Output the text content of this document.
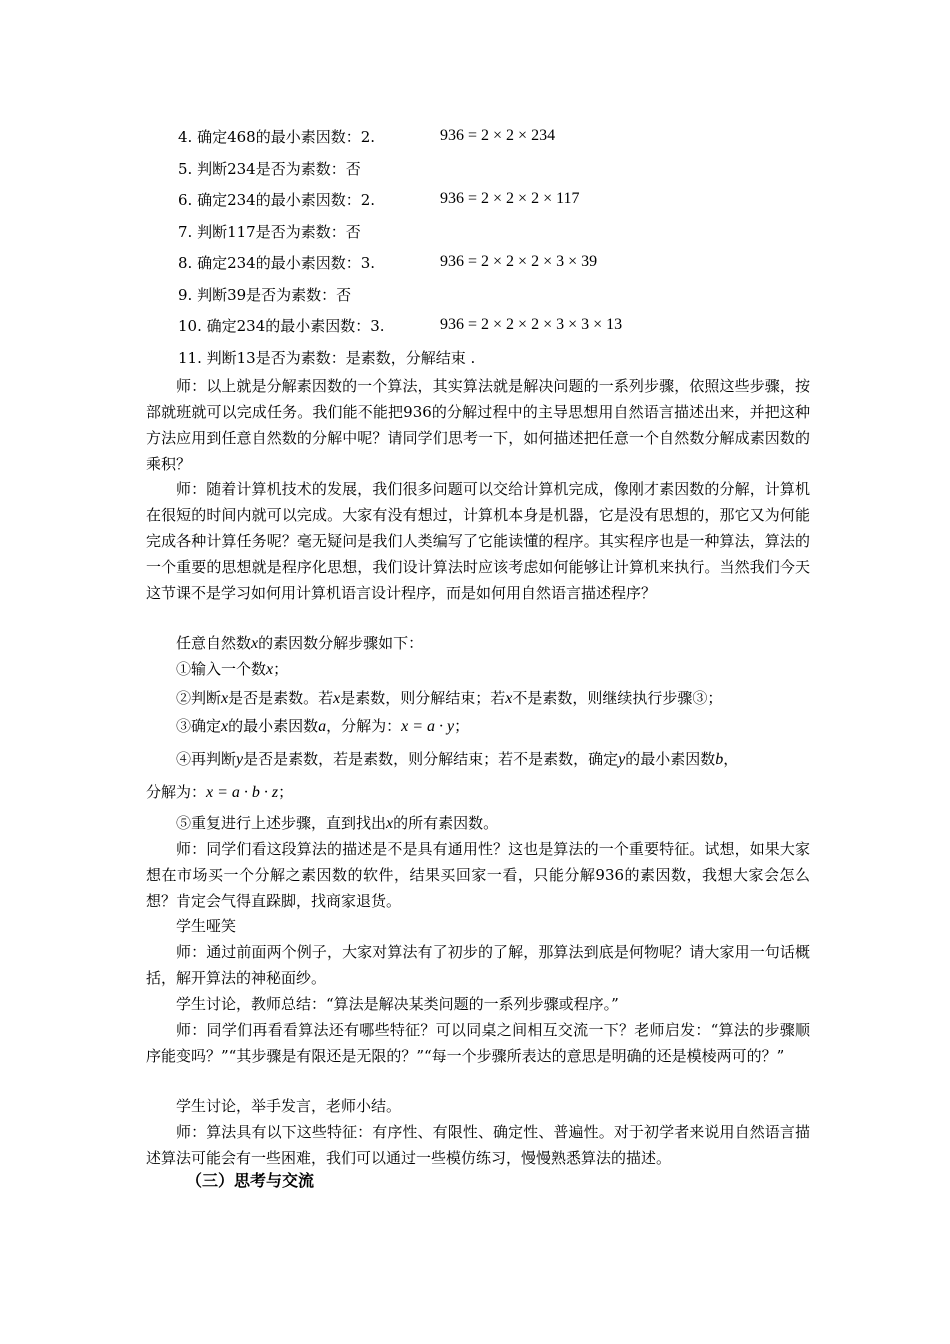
4. 确定468的最小素因数：2.	936 = 2 × 2 × 234
5. 判断234是否为素数：否
6. 确定234的最小素因数：2.	936 = 2 × 2 × 2 × 117
7. 判断117是否为素数：否
8. 确定234的最小素因数：3.	936 = 2 × 2 × 2 × 3 × 39
9. 判断39是否为素数：否
10. 确定234的最小素因数：3.	936 = 2 × 2 × 2 × 3 × 3 × 13
11. 判断13是否为素数：是素数，分解结束 .
师：以上就是分解素因数的一个算法，其实算法就是解决问题的一系列步骤，依照这些步骤，按部就班就可以完成任务。我们能不能把936的分解过程中的主导思想用自然语言描述出来，并把这种方法应用到任意自然数的分解中呢？请同学们思考一下，如何描述把任意一个自然数分解成素因数的乘积？
师：随着计算机技术的发展，我们很多问题可以交给计算机完成，像刚才素因数的分解，计算机在很短的时间内就可以完成。大家有没有想过，计算机本身是机器，它是没有思想的，那它又为何能完成各种计算任务呢？毫无疑问是我们人类编写了它能读懂的程序。其实程序也是一种算法，算法的一个重要的思想就是程序化思想，我们设计算法时应该考虑如何能够让计算机来执行。当然我们今天这节课不是学习如何用计算机语言设计程序，而是如何用自然语言描述程序？
任意自然数x的素因数分解步骤如下：
①输入一个数x；
②判断x是否是素数。若x是素数，则分解结束；若x不是素数，则继续执行步骤③；
③确定x的最小素因数a，分解为：x = a · y；
④再判断y是否是素数，若是素数，则分解结束；若不是素数，确定y的最小素因数b，
分解为：x = a · b · z；
⑤重复进行上述步骤，直到找出x的所有素因数。
师：同学们看这段算法的描述是不是具有通用性？这也是算法的一个重要特征。试想，如果大家想在市场买一个分解之素因数的软件，结果买回家一看，只能分解936的素因数，我想大家会怎么想？肯定会气得直跺脚，找商家退货。
学生哑笑
师：通过前面两个例子，大家对算法有了初步的了解，那算法到底是何物呢？请大家用一句话概括，解开算法的神秘面纱。
学生讨论，教师总结：“算法是解决某类问题的一系列步骤或程序。”
师：同学们再看看算法还有哪些特征？可以同桌之间相互交流一下？老师启发：“算法的步骤顺序能变吗？”“其步骤是有限还是无限的？”“每一个步骤所表达的意思是明确的还是模棱两可的？”
学生讨论，举手发言，老师小结。
师：算法具有以下这些特征：有序性、有限性、确定性、普遍性。对于初学者来说用自然语言描述算法可能会有一些困难，我们可以通过一些模仿练习，慢慢熟悉算法的描述。
（三）思考与交流
